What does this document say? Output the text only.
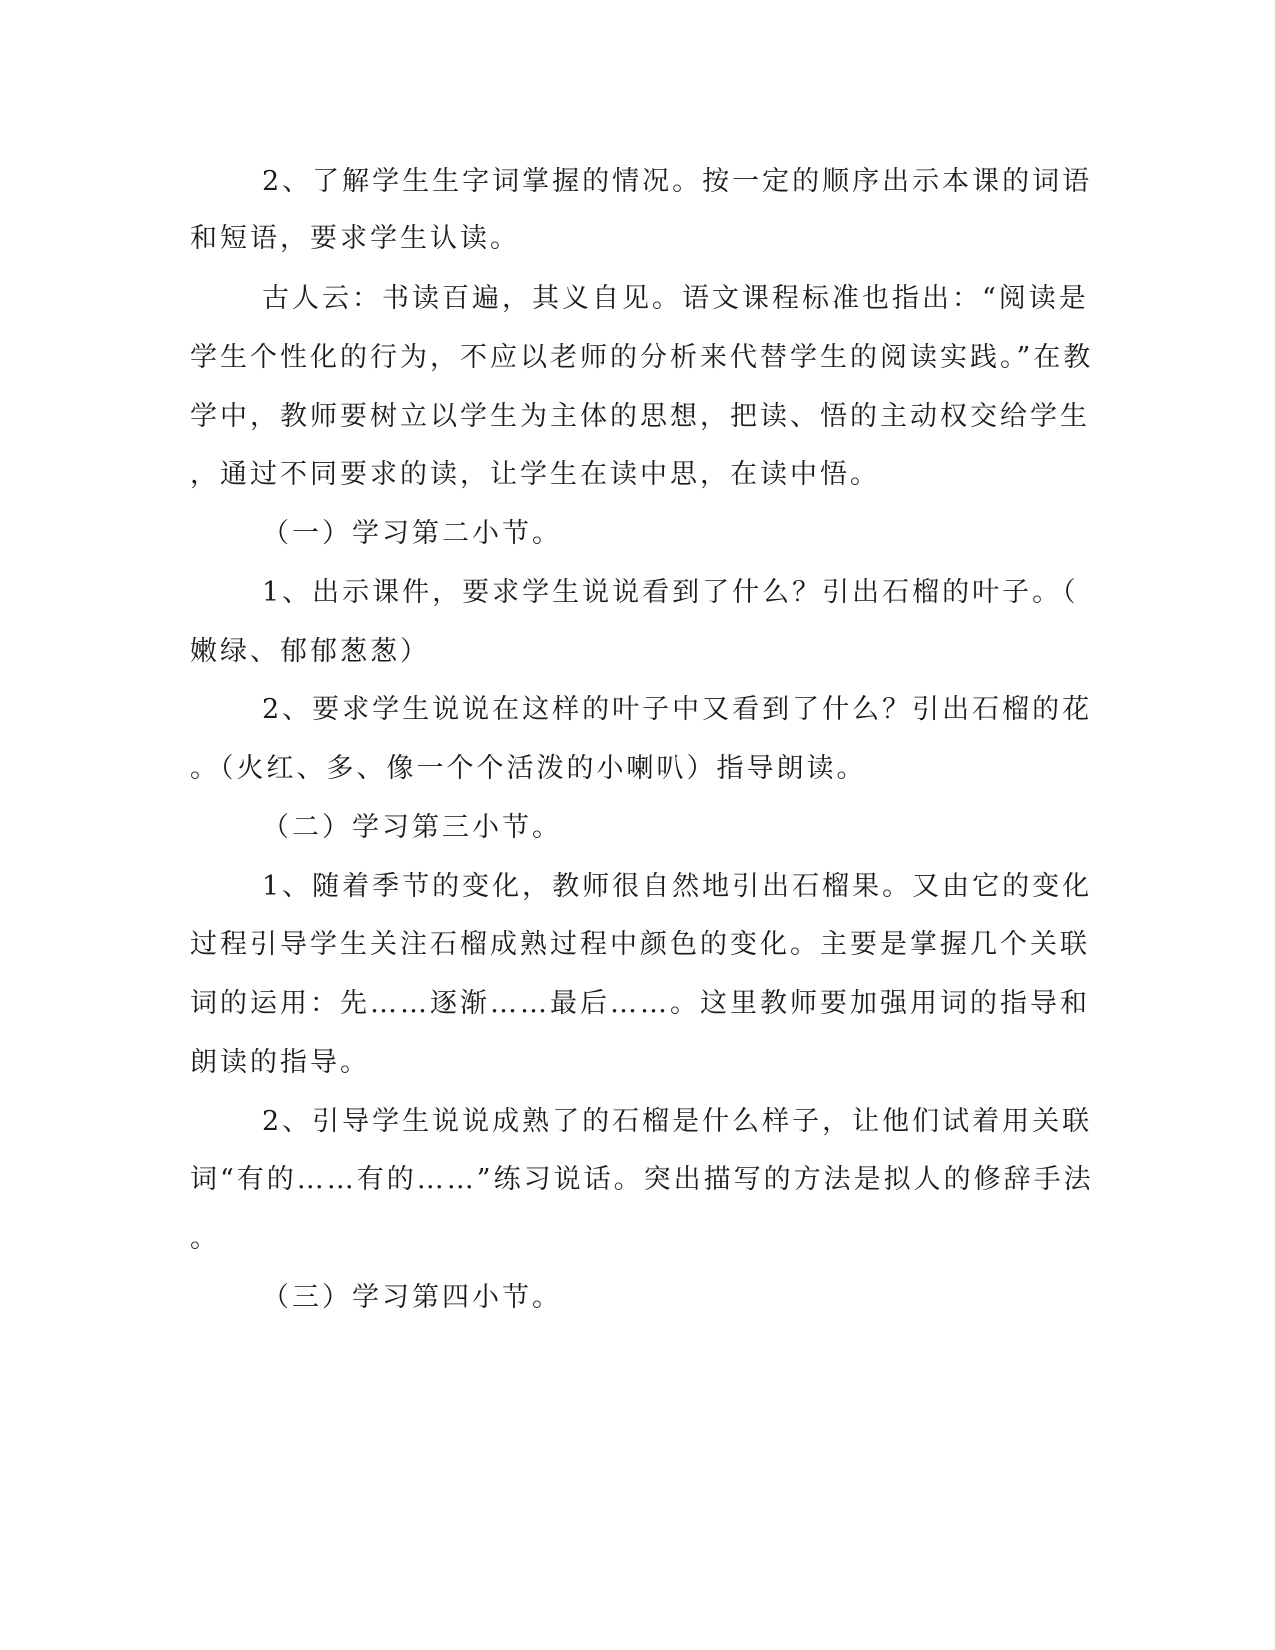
2、了解学生生字词掌握的情况。按一定的顺序出示本课的词语

和短语，要求学生认读。

古人云：书读百遍，其义自见。语文课程标准也指出：“阅读是

学生个性化的行为，不应以老师的分析来代替学生的阅读实践。”在教

学中，教师要树立以学生为主体的思想，把读、悟的主动权交给学生

，通过不同要求的读，让学生在读中思，在读中悟。

（一）学习第二小节。

1、出示课件，要求学生说说看到了什么？引出石榴的叶子。（

嫩绿、郁郁葱葱）

2、要求学生说说在这样的叶子中又看到了什么？引出石榴的花

。（火红、多、像一个个活泼的小喇叭）指导朗读。

（二）学习第三小节。

1、随着季节的变化，教师很自然地引出石榴果。又由它的变化

过程引导学生关注石榴成熟过程中颜色的变化。主要是掌握几个关联

词的运用：先……逐渐……最后……。这里教师要加强用词的指导和

朗读的指导。

2、引导学生说说成熟了的石榴是什么样子，让他们试着用关联

词“有的……有的……”练习说话。突出描写的方法是拟人的修辞手法

。

（三）学习第四小节。
